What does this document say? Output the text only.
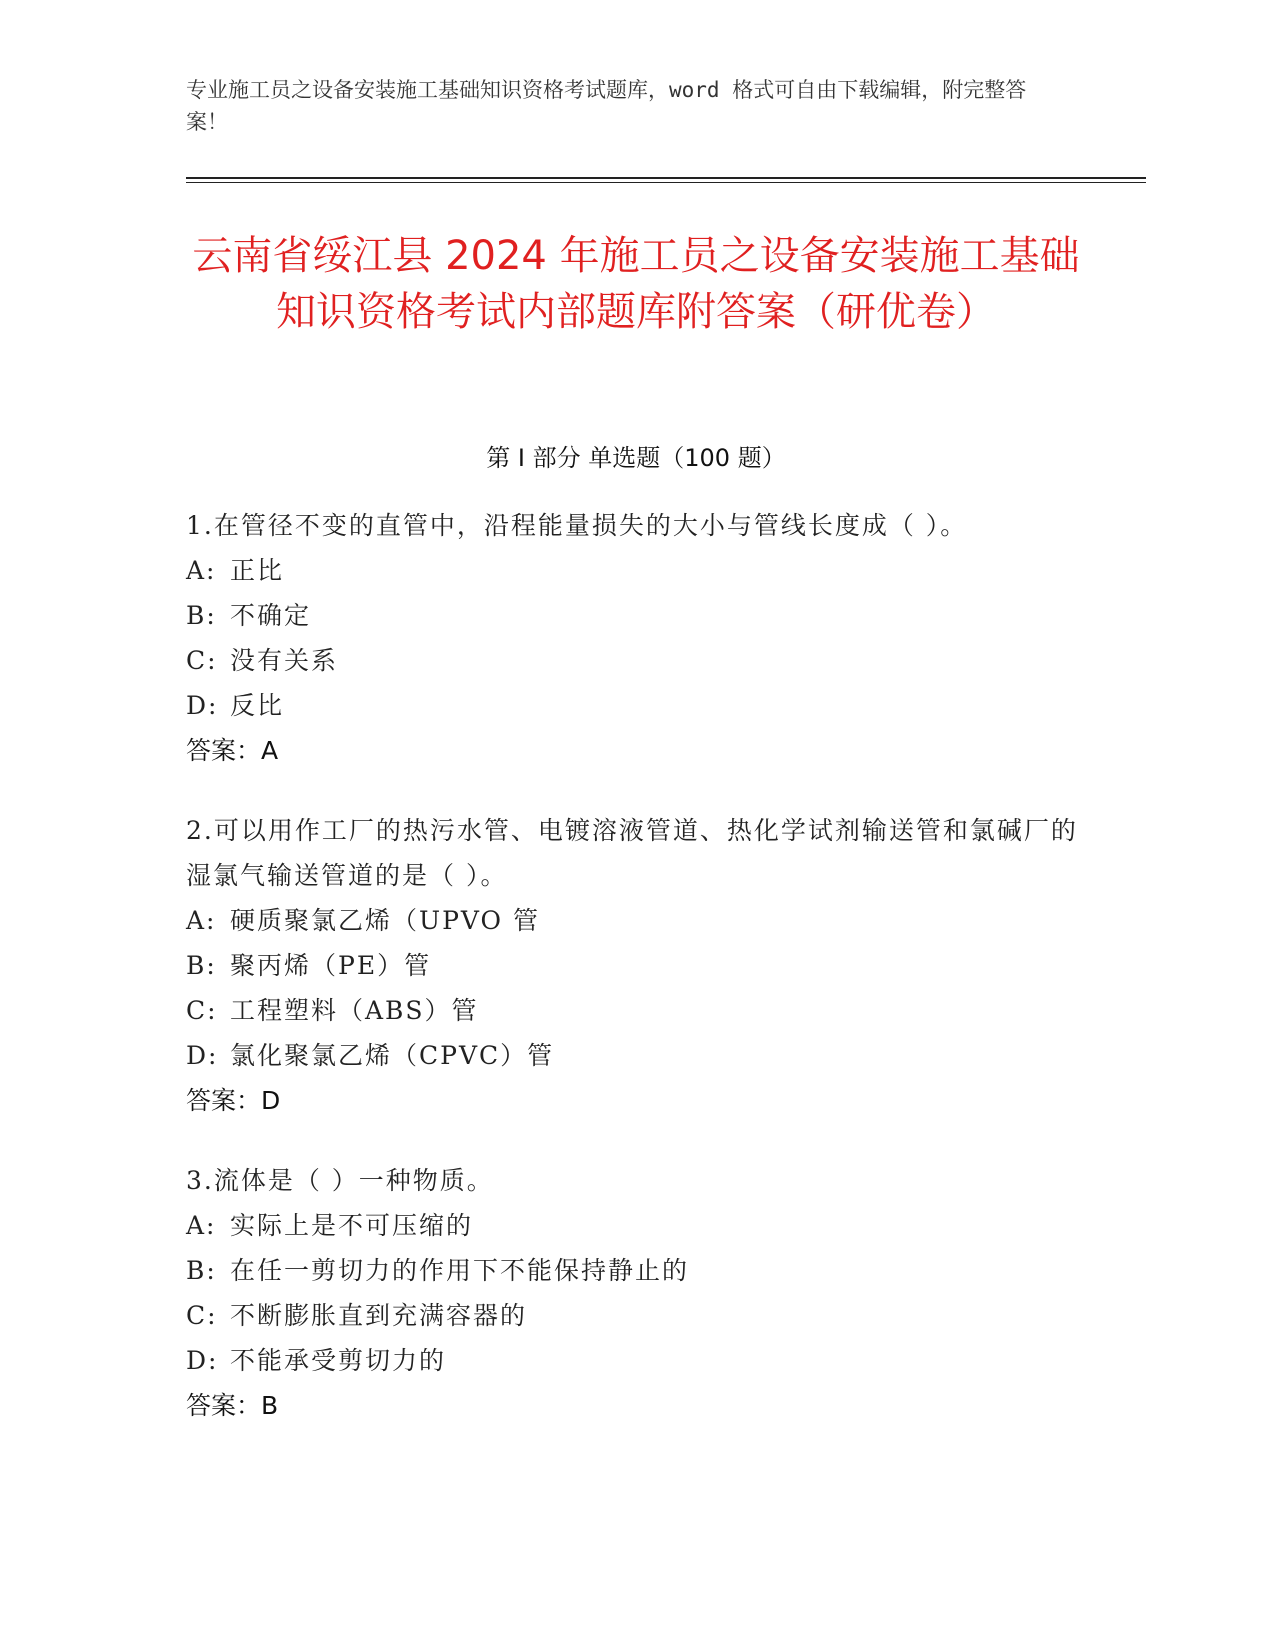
专业施工员之设备安装施工基础知识资格考试题库，word 格式可自由下载编辑，附完整答案！
云南省绥江县 2024 年施工员之设备安装施工基础知识资格考试内部题库附答案（研优卷）
第 I 部分 单选题（100 题）
1.在管径不变的直管中，沿程能量损失的大小与管线长度成（ ）。
A: 正比
B: 不确定
C: 没有关系
D: 反比
答案：A
2.可以用作工厂的热污水管、电镀溶液管道、热化学试剂输送管和氯碱厂的湿氯气输送管道的是（ ）。
A: 硬质聚氯乙烯（UPVO 管
B: 聚丙烯（PE）管
C: 工程塑料（ABS）管
D: 氯化聚氯乙烯（CPVC）管
答案：D
3.流体是（ ）一种物质。
A: 实际上是不可压缩的
B: 在任一剪切力的作用下不能保持静止的
C: 不断膨胀直到充满容器的
D: 不能承受剪切力的
答案：B
